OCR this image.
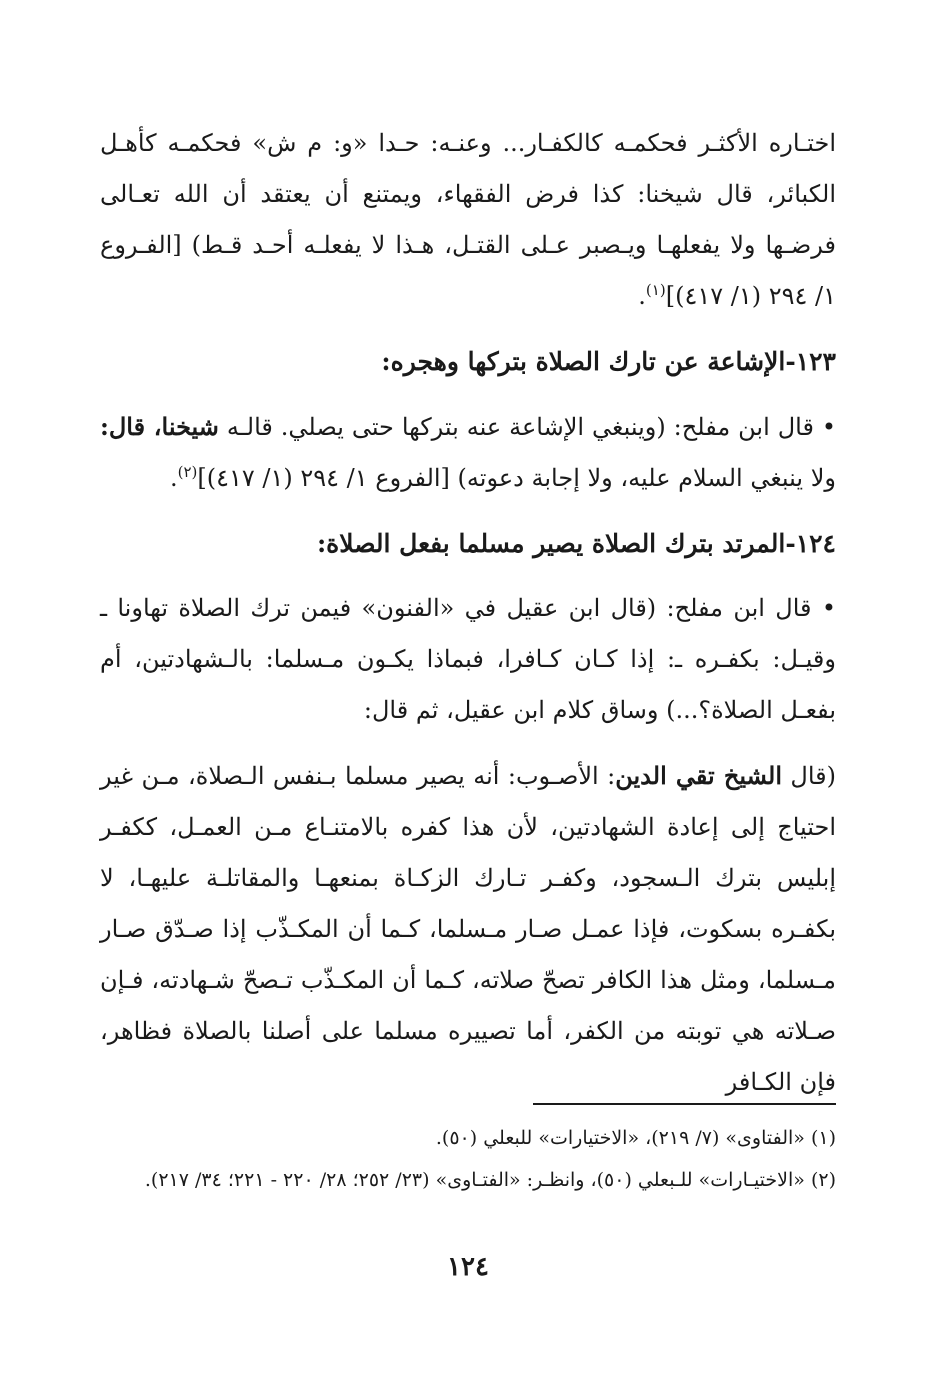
اختـاره الأكثـر فحكمـه كالكفـار... وعنـه: حـدا «و: م ش» فحكمـه كأهـل الكبائر، قال شيخنا: كذا فرض الفقهاء، ويمتنع أن يعتقد أن الله تعـالى فرضـها ولا يفعلهـا ويـصبر عـلى القتـل، هـذا لا يفعلـه أحـد قـط) [الفـروع ١/ ٢٩٤ (١/ ٤١٧)]$^{(١)}$.

١٢٣-الإشاعة عن تارك الصلاة بتركها وهجره:

• قال ابن مفلح: (وينبغي الإشاعة عنه بتركها حتى يصلي. قالـه شيخنا، قال: ولا ينبغي السلام عليه، ولا إجابة دعوته) [الفروع ١/ ٢٩٤ (١/ ٤١٧)]$^{(٢)}$.

١٢٤-المرتد بترك الصلاة يصير مسلما بفعل الصلاة:

• قال ابن مفلح: (قال ابن عقيل في «الفنون» فيمن ترك الصلاة تهاونا ـ وقيـل: بكفـره ـ: إذا كـان كـافرا، فبماذا يكـون مـسلما: بالـشهادتين، أم بفعـل الصلاة؟...) وساق كلام ابن عقيل، ثم قال:

(قال الشيخ تقي الدين: الأصـوب: أنه يصير مسلما بـنفس الـصلاة، مـن غير احتياج إلى إعادة الشهادتين، لأن هذا كفره بالامتنـاع مـن العمـل، ككفـر إبليس بترك الـسجود، وكفـر تـارك الزكـاة بمنعهـا والمقاتلـة عليهـا، لا بكفـره بسكوت، فإذا عمـل صـار مـسلما، كـما أن المكـذّب إذا صـدّق صـار مـسلما، ومثل هذا الكافر تصحّ صلاته، كـما أن المكـذّب تـصحّ شـهادته، فـإن صـلاته هي توبته من الكفر، أما تصييره مسلما على أصلنا بالصلاة فظاهر، فإن الكـافر

(١) «الفتاوى» (٧/ ٢١٩)، «الاختيارات» للبعلي (٥٠).

(٢) «الاختيـارات» للـبعلي (٥٠)، وانظـر: «الفتـاوى» (٢٣/ ٢٥٢؛ ٢٨/ ٢٢٠ - ٢٢١؛ ٣٤/ ٢١٧).

١٢٤
